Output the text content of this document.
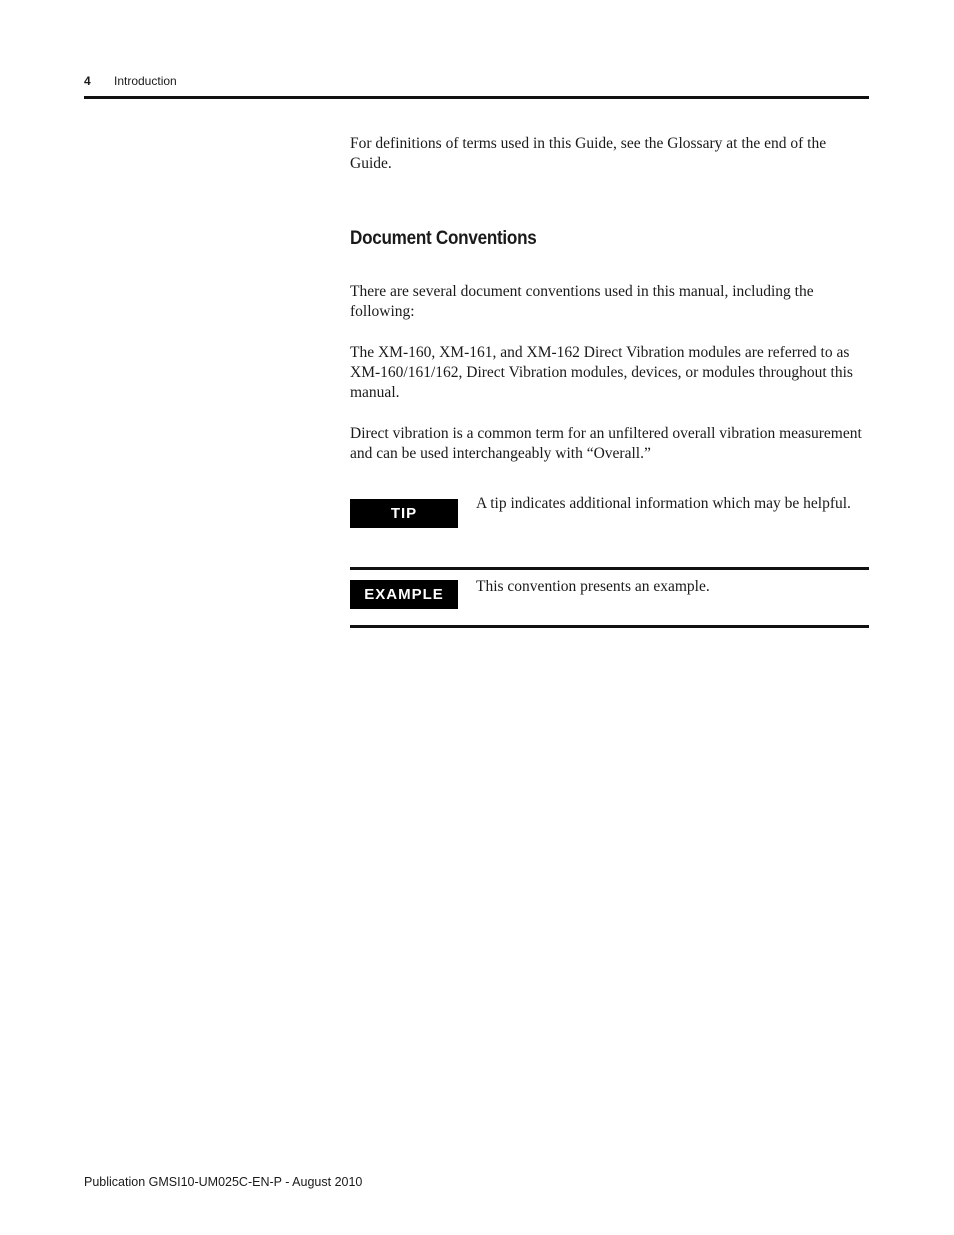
4 Introduction

For definitions of terms used in this Guide, see the Glossary at the end of the Guide.

Document Conventions

There are several document conventions used in this manual, including the following:

The XM-160, XM-161, and XM-162 Direct Vibration modules are referred to as XM-160/161/162, Direct Vibration modules, devices, or modules throughout this manual.

Direct vibration is a common term for an unfiltered overall vibration measurement and can be used interchangeably with “Overall.”

TIP

A tip indicates additional information which may be helpful.

EXAMPLE	This convention presents an example.

Publication GMSI10-UM025C-EN-P - August 2010
